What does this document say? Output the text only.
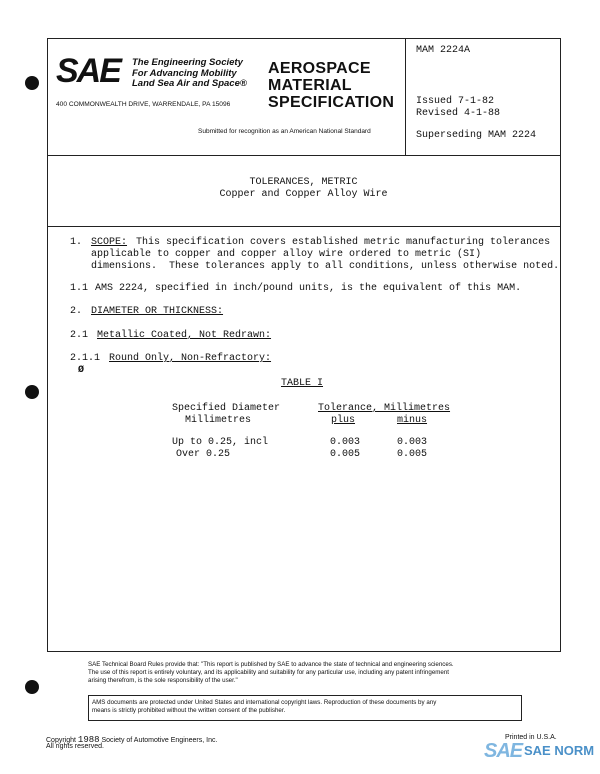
SAE The Engineering Society
For Advancing Mobility
Land Sea Air and Space®
400 COMMONWEALTH DRIVE, WARRENDALE, PA 15096
AEROSPACE
MATERIAL
SPECIFICATION
Submitted for recognition as an American National Standard
MAM 2224A
Issued 7-1-82
Revised 4-1-88
Superseding MAM 2224
TOLERANCES, METRIC
Copper and Copper Alloy Wire
1. SCOPE: This specification covers established metric manufacturing tolerances
applicable to copper and copper alloy wire ordered to metric (SI)
dimensions.  These tolerances apply to all conditions, unless otherwise noted.
1.1 AMS 2224, specified in inch/pound units, is the equivalent of this MAM.
2. DIAMETER OR THICKNESS:
2.1 Metallic Coated, Not Redrawn:
2.1.1 Round Only, Non-Refractory:
Ø
TABLE I
Specified Diameter
Millimetres
Tolerance, Millimetres
plus	minus
Up to 0.25, incl	0.003	0.003
Over 0.25	0.005	0.005
SAE Technical Board Rules provide that: "This report is published by SAE to advance the state of technical and engineering sciences.
The use of this report is entirely voluntary, and its applicability and suitability for any particular use, including any patent infringement
arising therefrom, is the sole responsibility of the user."
AMS documents are protected under United States and international copyright laws. Reproduction of these documents by any
means is strictly prohibited without the written consent of the publisher.
Copyright 1988 Society of Automotive Engineers, Inc.
All rights reserved.
Printed in U.S.A.
SAE SAE NORM
